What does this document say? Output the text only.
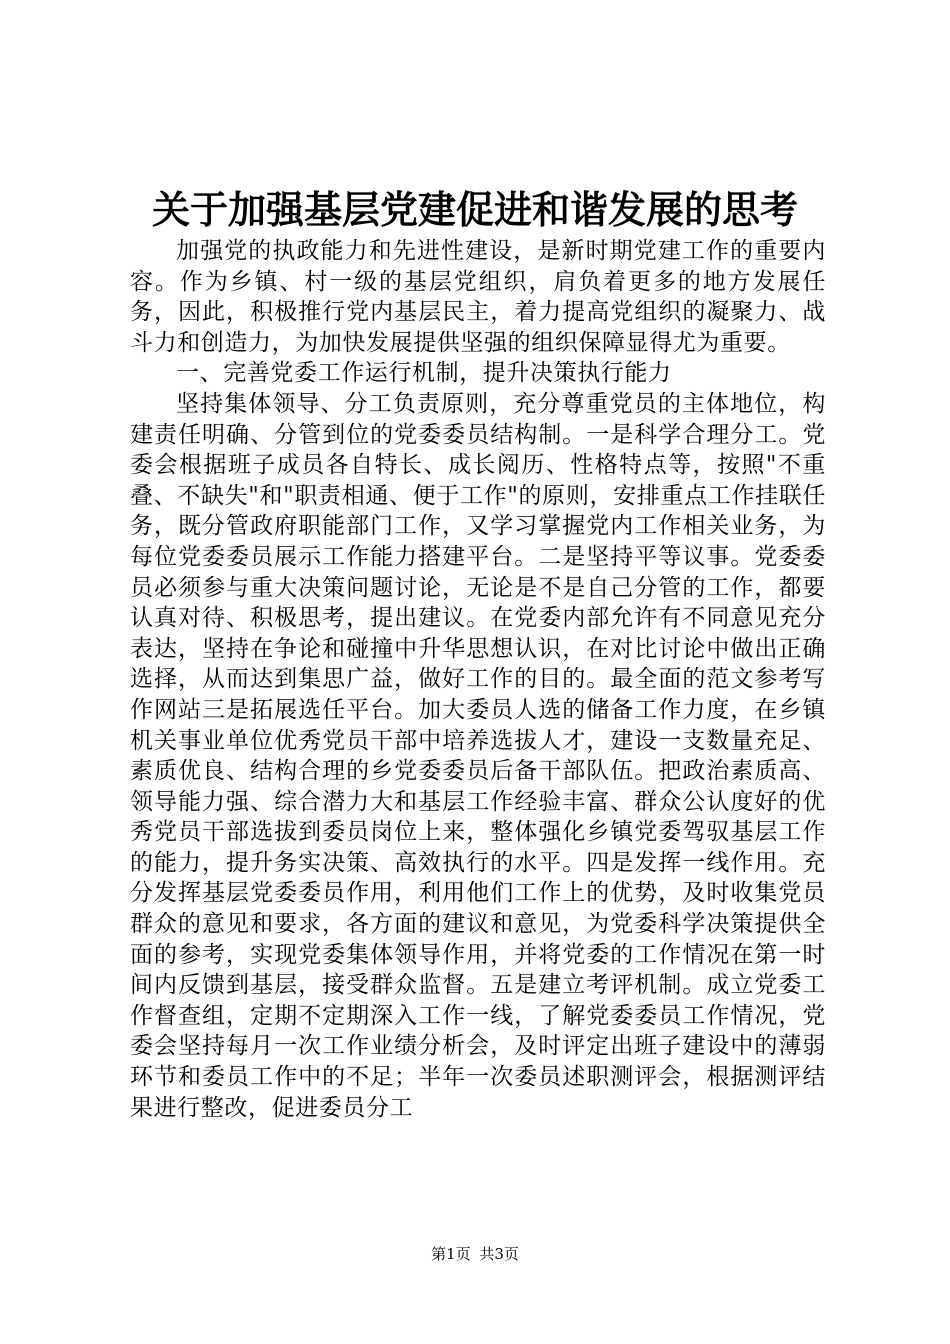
关于加强基层党建促进和谐发展的思考

加强党的执政能力和先进性建设，是新时期党建工作的重要内容。作为乡镇、村一级的基层党组织，肩负着更多的地方发展任务，因此，积极推行党内基层民主，着力提高党组织的凝聚力、战斗力和创造力，为加快发展提供坚强的组织保障显得尤为重要。

一、完善党委工作运行机制，提升决策执行能力

坚持集体领导、分工负责原则，充分尊重党员的主体地位，构建责任明确、分管到位的党委委员结构制。一是科学合理分工。党委会根据班子成员各自特长、成长阅历、性格特点等，按照"不重叠、不缺失"和"职责相通、便于工作"的原则，安排重点工作挂联任务，既分管政府职能部门工作，又学习掌握党内工作相关业务，为每位党委委员展示工作能力搭建平台。二是坚持平等议事。党委委员必须参与重大决策问题讨论，无论是不是自己分管的工作，都要认真对待、积极思考，提出建议。在党委内部允许有不同意见充分表达，坚持在争论和碰撞中升华思想认识，在对比讨论中做出正确选择，从而达到集思广益，做好工作的目的。最全面的范文参考写作网站三是拓展选任平台。加大委员人选的储备工作力度，在乡镇机关事业单位优秀党员干部中培养选拔人才，建设一支数量充足、素质优良、结构合理的乡党委委员后备干部队伍。把政治素质高、领导能力强、综合潜力大和基层工作经验丰富、群众公认度好的优秀党员干部选拔到委员岗位上来，整体强化乡镇党委驾驭基层工作的能力，提升务实决策、高效执行的水平。四是发挥一线作用。充分发挥基层党委委员作用，利用他们工作上的优势，及时收集党员群众的意见和要求，各方面的建议和意见，为党委科学决策提供全面的参考，实现党委集体领导作用，并将党委的工作情况在第一时间内反馈到基层，接受群众监督。五是建立考评机制。成立党委工作督查组，定期不定期深入工作一线，了解党委委员工作情况，党委会坚持每月一次工作业绩分析会，及时评定出班子建设中的薄弱环节和委员工作中的不足；半年一次委员述职测评会，根据测评结果进行整改，促进委员分工

第1页 共3页
